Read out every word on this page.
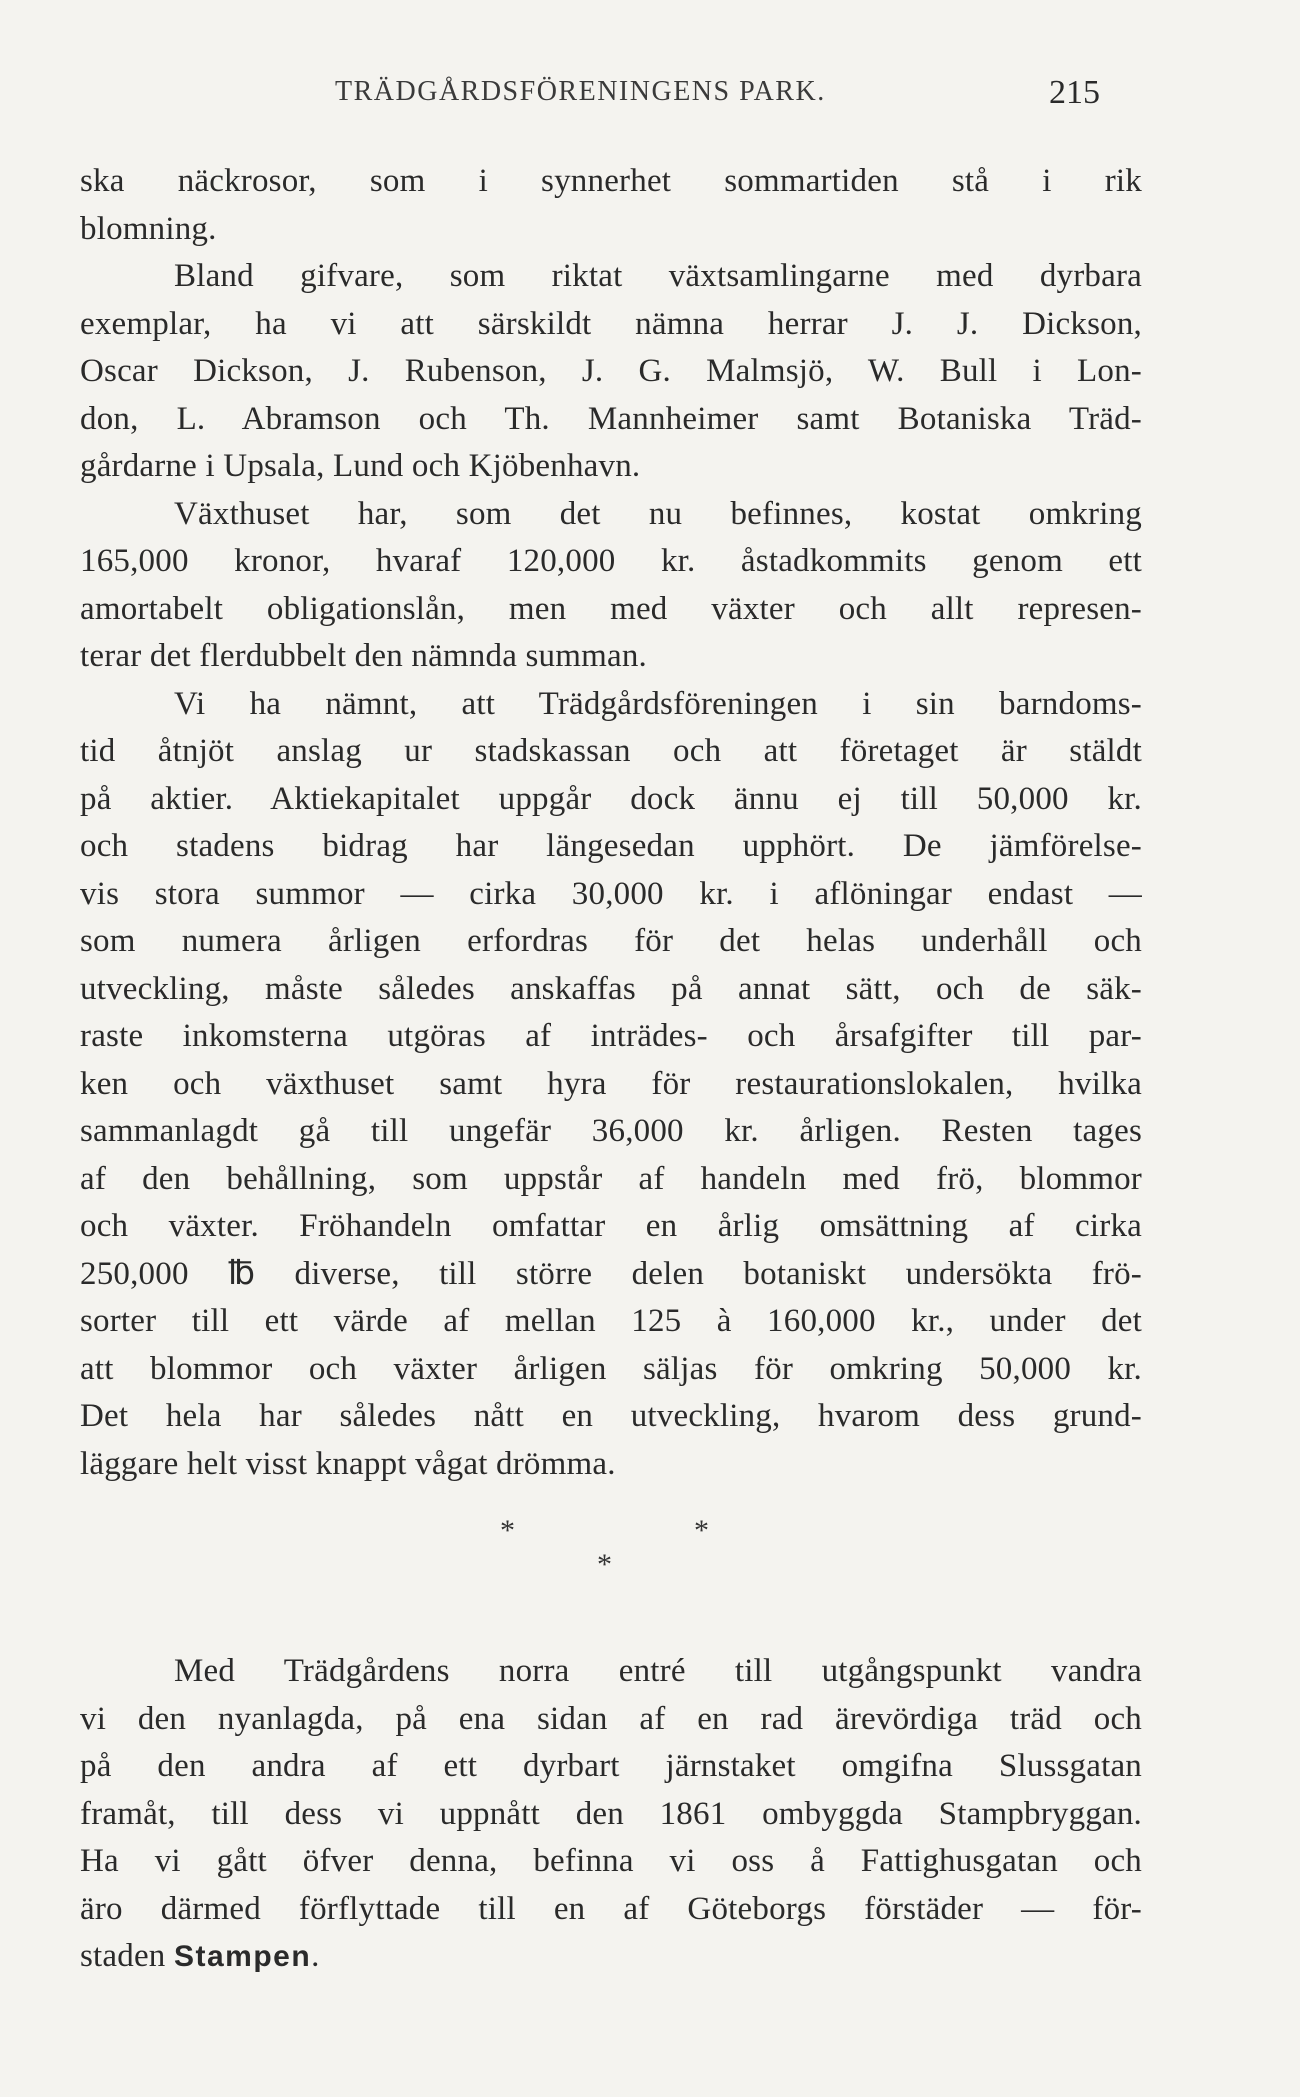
TRÄDGÅRDSFÖRENINGENS PARK.	215
ska näckrosor, som i synnerhet sommartiden stå i rik
blomning.
Bland gifvare, som riktat växtsamlingarne med dyrbara
exemplar, ha vi att särskildt nämna herrar J. J. Dickson,
Oscar Dickson, J. Rubenson, J. G. Malmsjö, W. Bull i Lon-
don, L. Abramson och Th. Mannheimer samt Botaniska Träd-
gårdarne i Upsala, Lund och Kjöbenhavn.
Växthuset har, som det nu befinnes, kostat omkring
165,000 kronor, hvaraf 120,000 kr. åstadkommits genom ett
amortabelt obligationslån, men med växter och allt represen-
terar det flerdubbelt den nämnda summan.
Vi ha nämnt, att Trädgårdsföreningen i sin barndoms-
tid åtnjöt anslag ur stadskassan och att företaget är stäldt
på aktier. Aktiekapitalet uppgår dock ännu ej till 50,000 kr.
och stadens bidrag har längesedan upphört. De jämförelse-
vis stora summor — cirka 30,000 kr. i aflöningar endast —
som numera årligen erfordras för det helas underhåll och
utveckling, måste således anskaffas på annat sätt, och de säk-
raste inkomsterna utgöras af inträdes- och årsafgifter till par-
ken och växthuset samt hyra för restaurationslokalen, hvilka
sammanlagdt gå till ungefär 36,000 kr. årligen. Resten tages
af den behållning, som uppstår af handeln med frö, blommor
och växter. Fröhandeln omfattar en årlig omsättning af cirka
250,000 ℔ diverse, till större delen botaniskt undersökta frö-
sorter till ett värde af mellan 125 à 160,000 kr., under det
att blommor och växter årligen säljas för omkring 50,000 kr.
Det hela har således nått en utveckling, hvarom dess grund-
läggare helt visst knappt vågat drömma.
*	*
*
Med Trädgårdens norra entré till utgångspunkt vandra
vi den nyanlagda, på ena sidan af en rad ärevördiga träd och
på den andra af ett dyrbart järnstaket omgifna Slussgatan
framåt, till dess vi uppnått den 1861 ombyggda Stampbryggan.
Ha vi gått öfver denna, befinna vi oss å Fattighusgatan och
äro därmed förflyttade till en af Göteborgs förstäder — för-
staden Stampen.
